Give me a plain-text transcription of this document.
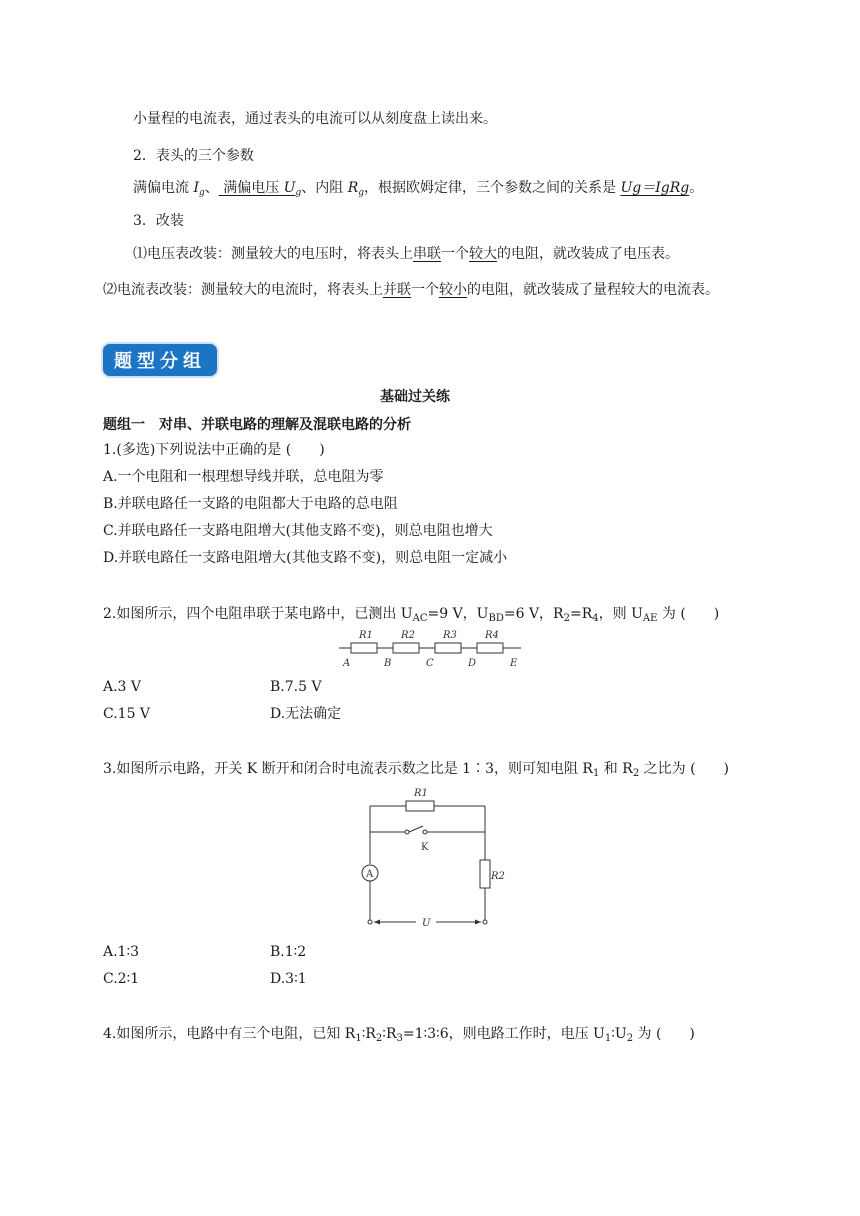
小量程的电流表，通过表头的电流可以从刻度盘上读出来。
2．表头的三个参数
满偏电流 $I_g$、 满偏电压 $U_g$、内阻 $R_g$，根据欧姆定律，三个参数之间的关系是 Ug＝IgRg。
3．改装
⑴电压表改装：测量较大的电压时，将表头上串联一个较大的电阻，就改装成了电压表。
⑵电流表改装：测量较大的电流时，将表头上并联一个较小的电阻，就改装成了量程较大的电流表。
题型分组
基础过关练
题组一　对串、并联电路的理解及混联电路的分析
1.(多选)下列说法中正确的是 (　　)
A.一个电阻和一根理想导线并联，总电阻为零
B.并联电路任一支路的电阻都大于电路的总电阻
C.并联电路任一支路电阻增大(其他支路不变)，则总电阻也增大
D.并联电路任一支路电阻增大(其他支路不变)，则总电阻一定减小
2.如图所示，四个电阻串联于某电路中，已测出 $U_{AC}=9$ V，$U_{BD}=6$ V，$R_2=R_4$，则 $U_{AE}$ 为 (　　)
R1	R2	R3	R4
A	B	C	D	E
A.3 V	B.7.5 V
C.15 V	D.无法确定
3.如图所示电路，开关 K 断开和闭合时电流表示数之比是 1∶3，则可知电阻 $R_1$ 和 $R_2$ 之比为 (　　)
R1
K
A	R2
U
A.1∶3	B.1∶2
C.2∶1	D.3∶1
4.如图所示，电路中有三个电阻，已知 $R_1∶R_2∶R_3=1∶3∶6$，则电路工作时，电压 $U_1∶U_2$ 为 (　　)
